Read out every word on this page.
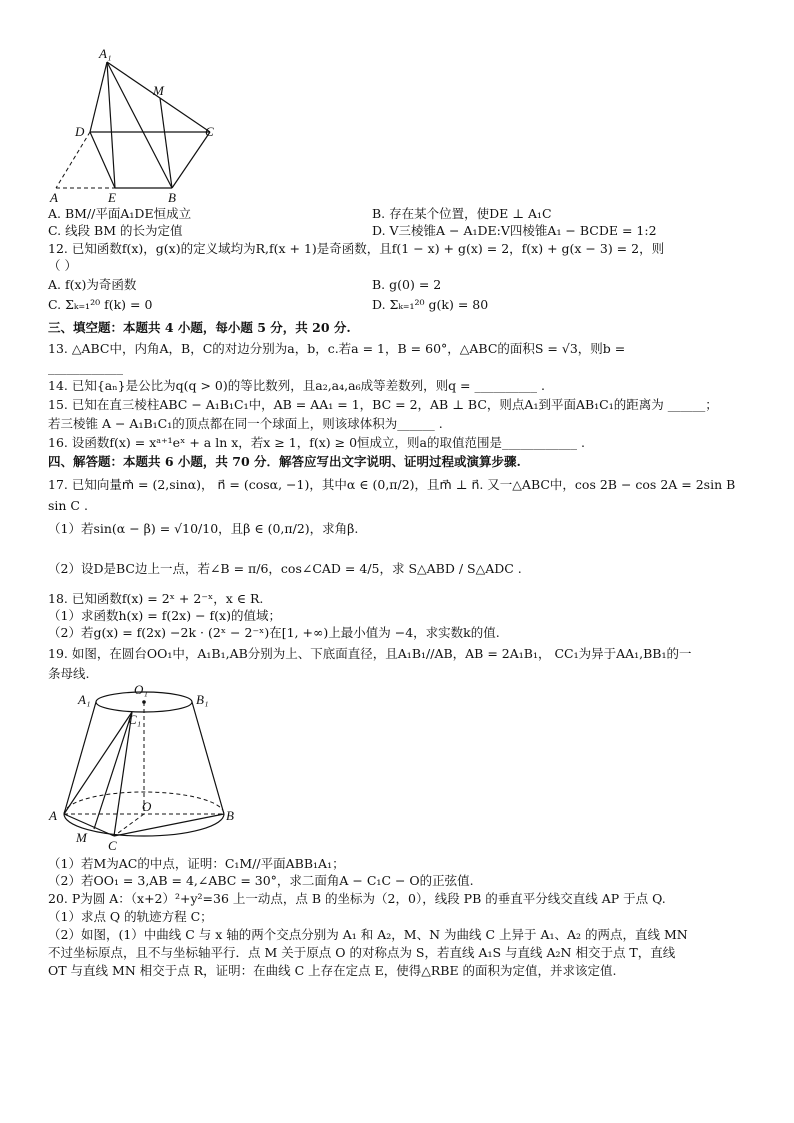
A₁
M
D	C
A	E	B
A. BM//平面A₁DE恒成立	B. 存在某个位置，使DE ⊥ A₁C
C. 线段 BM 的长为定值	D. V三棱锥A − A₁DE:V四棱锥A₁ − BCDE = 1:2
12. 已知函数f(x)，g(x)的定义域均为R,f(x + 1)是奇函数，且f(1 − x) + g(x) = 2，f(x) + g(x − 3) = 2，则
（ ）
A. f(x)为奇函数	B. g(0) = 2
C. Σₖ₌₁²⁰ f(k) = 0	D. Σₖ₌₁²⁰ g(k) = 80
三、填空题：本题共 4 小题，每小题 5 分，共 20 分.
13. △ABC中，内角A，B，C的对边分别为a，b，c.若a = 1，B = 60°，△ABC的面积S = √3，则b =
____________
14. 已知{aₙ}是公比为q(q > 0)的等比数列，且a₂,a₄,a₆成等差数列，则q = __________ .
15. 已知在直三棱柱ABC − A₁B₁C₁中，AB = AA₁ = 1，BC = 2，AB ⊥ BC，则点A₁到平面AB₁C₁的距离为 ______；
若三棱锥 A − A₁B₁C₁的顶点都在同一个球面上，则该球体积为______ .
16. 设函数f(x) = xᵃ⁺¹eˣ + a ln x，若x ≥ 1，f(x) ≥ 0恒成立，则a的取值范围是____________ .
四、解答题：本题共 6 小题，共 70 分．解答应写出文字说明、证明过程或演算步骤.
17. 已知向量m⃗ = (2,sinα)， n⃗ = (cosα, −1)，其中α ∈ (0,π/2)，且m⃗ ⊥ n⃗. 又一△ABC中，cos 2B − cos 2A = 2sin B
sin C .
（1）若sin(α − β) = √10/10，且β ∈ (0,π/2)，求角β.
（2）设D是BC边上一点，若∠B = π/6，cos∠CAD = 4/5，求 S△ABD / S△ADC .
18. 已知函数f(x) = 2ˣ + 2⁻ˣ，x ∈ R.
（1）求函数h(x) = f(2x) − f(x)的值域；
（2）若g(x) = f(2x) −2k · (2ˣ − 2⁻ˣ)在[1, +∞)上最小值为 −4，求实数k的值.
19. 如图，在圆台OO₁中，A₁B₁,AB分别为上、下底面直径，且A₁B₁//AB，AB = 2A₁B₁， CC₁为异于AA₁,BB₁的一
条母线.
A₁
O₁
B₁
C₁
O
A	B
M
C
（1）若M为AC的中点，证明：C₁M//平面ABB₁A₁；
（2）若OO₁ = 3,AB = 4,∠ABC = 30°，求二面角A − C₁C − O的正弦值.
20. P为圆 A：（x+2）²+y²=36 上一动点，点 B 的坐标为（2，0），线段 PB 的垂直平分线交直线 AP 于点 Q.
（1）求点 Q 的轨迹方程 C；
（2）如图，(1）中曲线 C 与 x 轴的两个交点分别为 A₁ 和 A₂，M、N 为曲线 C 上异于 A₁、A₂ 的两点，直线 MN
不过坐标原点，且不与坐标轴平行．点 M 关于原点 O 的对称点为 S，若直线 A₁S 与直线 A₂N 相交于点 T，直线
OT 与直线 MN 相交于点 R，证明：在曲线 C 上存在定点 E，使得△RBE 的面积为定值，并求该定值.
